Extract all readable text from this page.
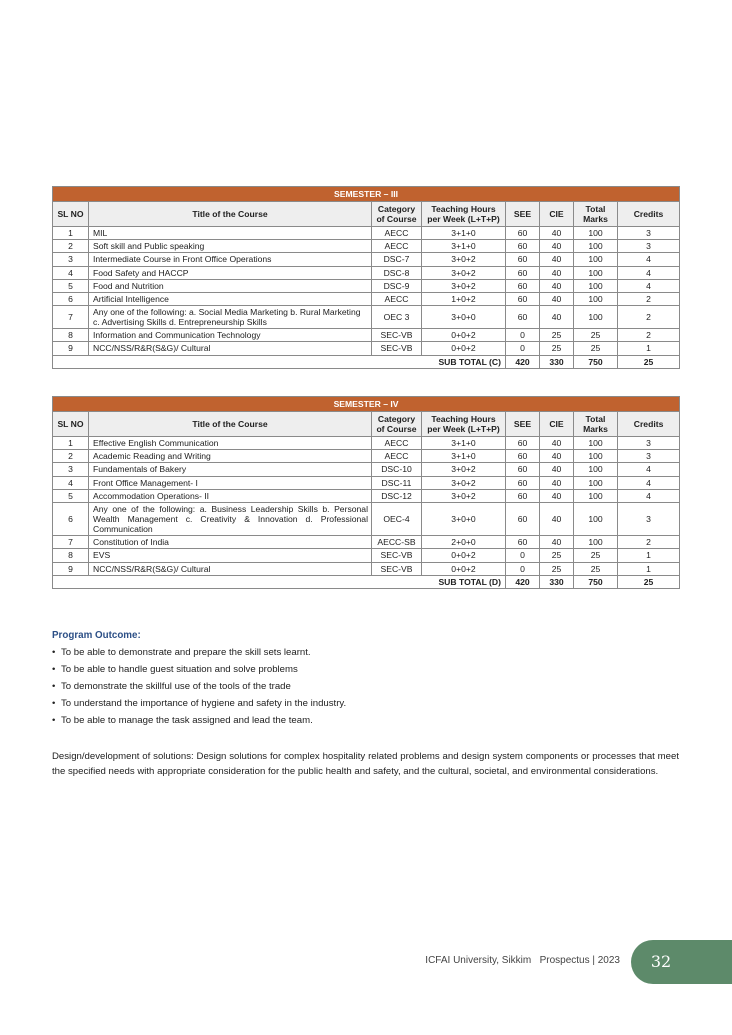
SEMESTER – III							
SL NO	Title of the Course	Category of Course	Teaching Hours per Week (L+T+P)	SEE	CIE	Total Marks	Credits
1	MIL	AECC	3+1+0	60	40	100	3
2	Soft skill and Public speaking	AECC	3+1+0	60	40	100	3
3	Intermediate Course in Front Office Operations	DSC-7	3+0+2	60	40	100	4
4	Food Safety and HACCP	DSC-8	3+0+2	60	40	100	4
5	Food and Nutrition	DSC-9	3+0+2	60	40	100	4
6	Artificial Intelligence	AECC	1+0+2	60	40	100	2
7	Any one of the following: a. Social Media Marketing b. Rural Marketing c. Advertising Skills d. Entrepreneurship Skills	OEC 3	3+0+0	60	40	100	2
8	Information and Communication Technology	SEC-VB	0+0+2	0	25	25	2
9	NCC/NSS/R&R(S&G)/ Cultural	SEC-VB	0+0+2	0	25	25	1
SUB TOTAL (C)				420	330	750	25
SEMESTER – IV							
SL NO	Title of the Course	Category of Course	Teaching Hours per Week (L+T+P)	SEE	CIE	Total Marks	Credits
1	Effective English Communication	AECC	3+1+0	60	40	100	3
2	Academic Reading and Writing	AECC	3+1+0	60	40	100	3
3	Fundamentals of Bakery	DSC-10	3+0+2	60	40	100	4
4	Front Office Management- I	DSC-11	3+0+2	60	40	100	4
5	Accommodation Operations- II	DSC-12	3+0+2	60	40	100	4
6	Any one of the following: a. Business Leadership Skills b. Personal Wealth Management c. Creativity & Innovation d. Professional Communication	OEC-4	3+0+0	60	40	100	3
7	Constitution of India	AECC-SB	2+0+0	60	40	100	2
8	EVS	SEC-VB	0+0+2	0	25	25	1
9	NCC/NSS/R&R(S&G)/ Cultural	SEC-VB	0+0+2	0	25	25	1
SUB TOTAL (D)				420	330	750	25
Program Outcome:
• To be able to demonstrate and prepare the skill sets learnt.
• To be able to handle guest situation and solve problems
• To demonstrate the skillful use of the tools of the trade
• To understand the importance of hygiene and safety in the industry.
• To be able to manage the task assigned and lead the team.

Design/development of solutions: Design solutions for complex hospitality related problems and design system components or processes that meet the specified needs with appropriate consideration for the public health and safety, and the cultural, societal, and environmental considerations.

ICFAI University, Sikkim   Prospectus | 2023	32
